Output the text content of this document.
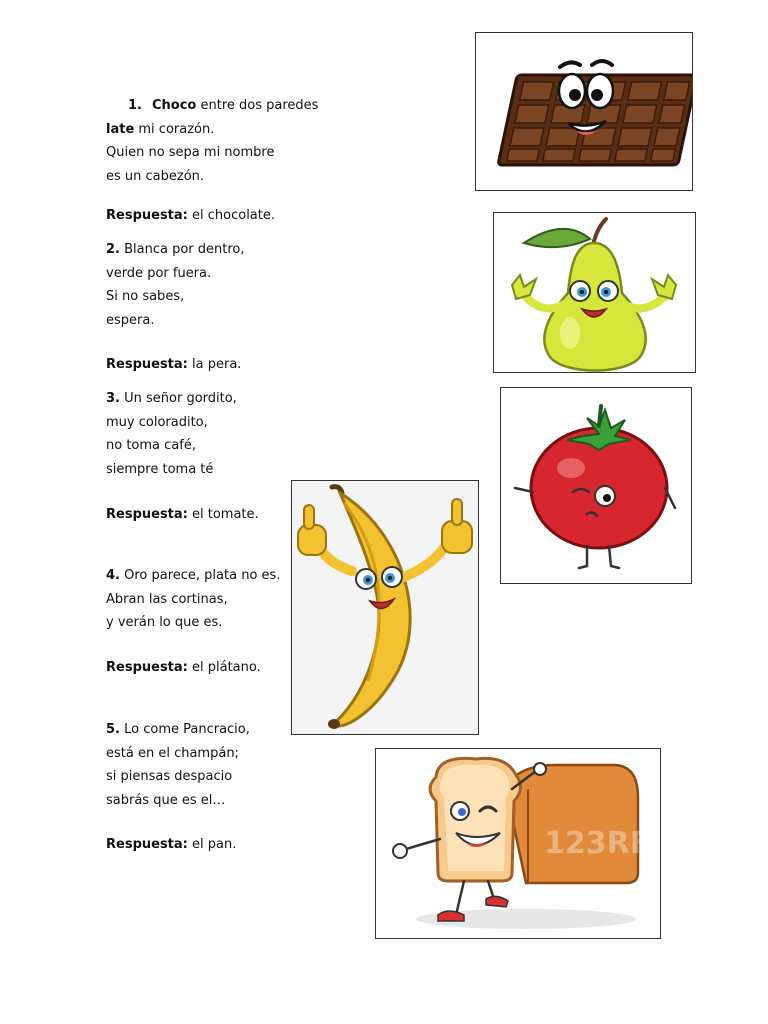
1. Choco entre dos paredes
late mi corazón.
Quien no sepa mi nombre
es un cabezón.
Respuesta: el chocolate.
2. Blanca por dentro,
verde por fuera.
Si no sabes,
espera.
Respuesta: la pera.
3. Un señor gordito,
muy coloradito,
no toma café,
siempre toma té
Respuesta: el tomate.
4. Oro parece, plata no es.
Abran las cortinas,
y verán lo que es.
Respuesta: el plátano.
5. Lo come Pancracio,
está en el champán;
si piensas despacio
sabrás que es el…
Respuesta: el pan.	123RF
